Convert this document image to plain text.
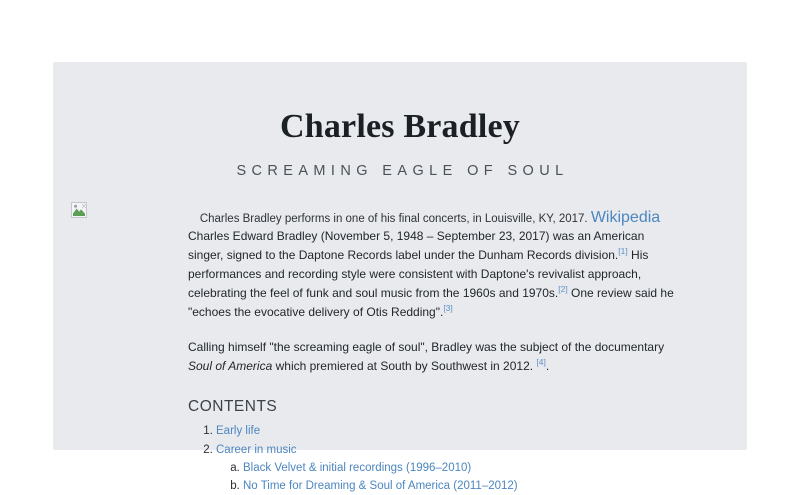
Charles Bradley
SCREAMING EAGLE OF SOUL
Charles Bradley performs in one of his final concerts, in Louisville, KY, 2017. Wikipedia

Charles Edward Bradley (November 5, 1948 – September 23, 2017) was an American singer, signed to the Daptone Records label under the Dunham Records division.[1] His performances and recording style were consistent with Daptone's revivalist approach, celebrating the feel of funk and soul music from the 1960s and 1970s.[2] One review said he "echoes the evocative delivery of Otis Redding".[3]

Calling himself "the screaming eagle of soul", Bradley was the subject of the documentary Soul of America which premiered at South by Southwest in 2012. [4].

CONTENTS
1. Early life
2. Career in music
a. Black Velvet & initial recordings (1996–2010)
b. No Time for Dreaming & Soul of America (2011–2012)
